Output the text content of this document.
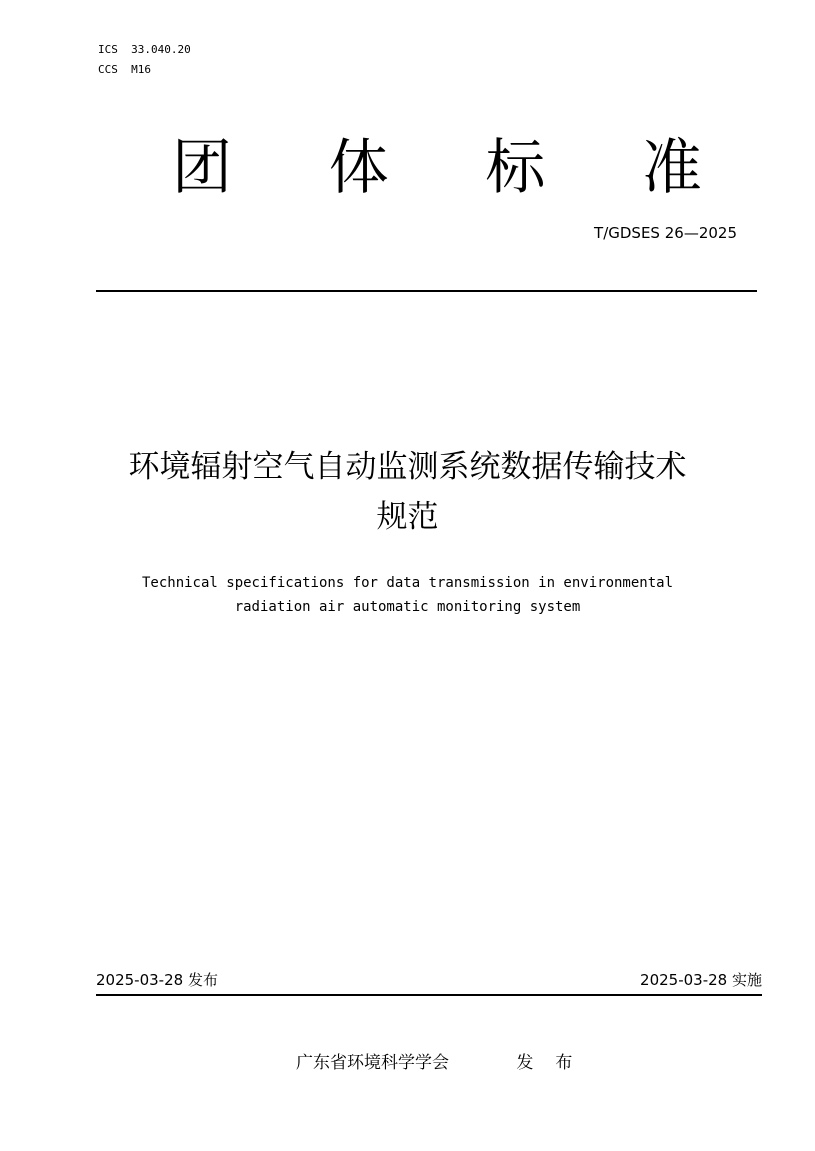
ICS  33.040.20
CCS  M16
团 体 标 准
T/GDSES 26—2025
环境辐射空气自动监测系统数据传输技术
规范
Technical specifications for data transmission in environmental
radiation air automatic monitoring system
2025-03-28 发布	2025-03-28 实施
广东省环境科学学会	发布
